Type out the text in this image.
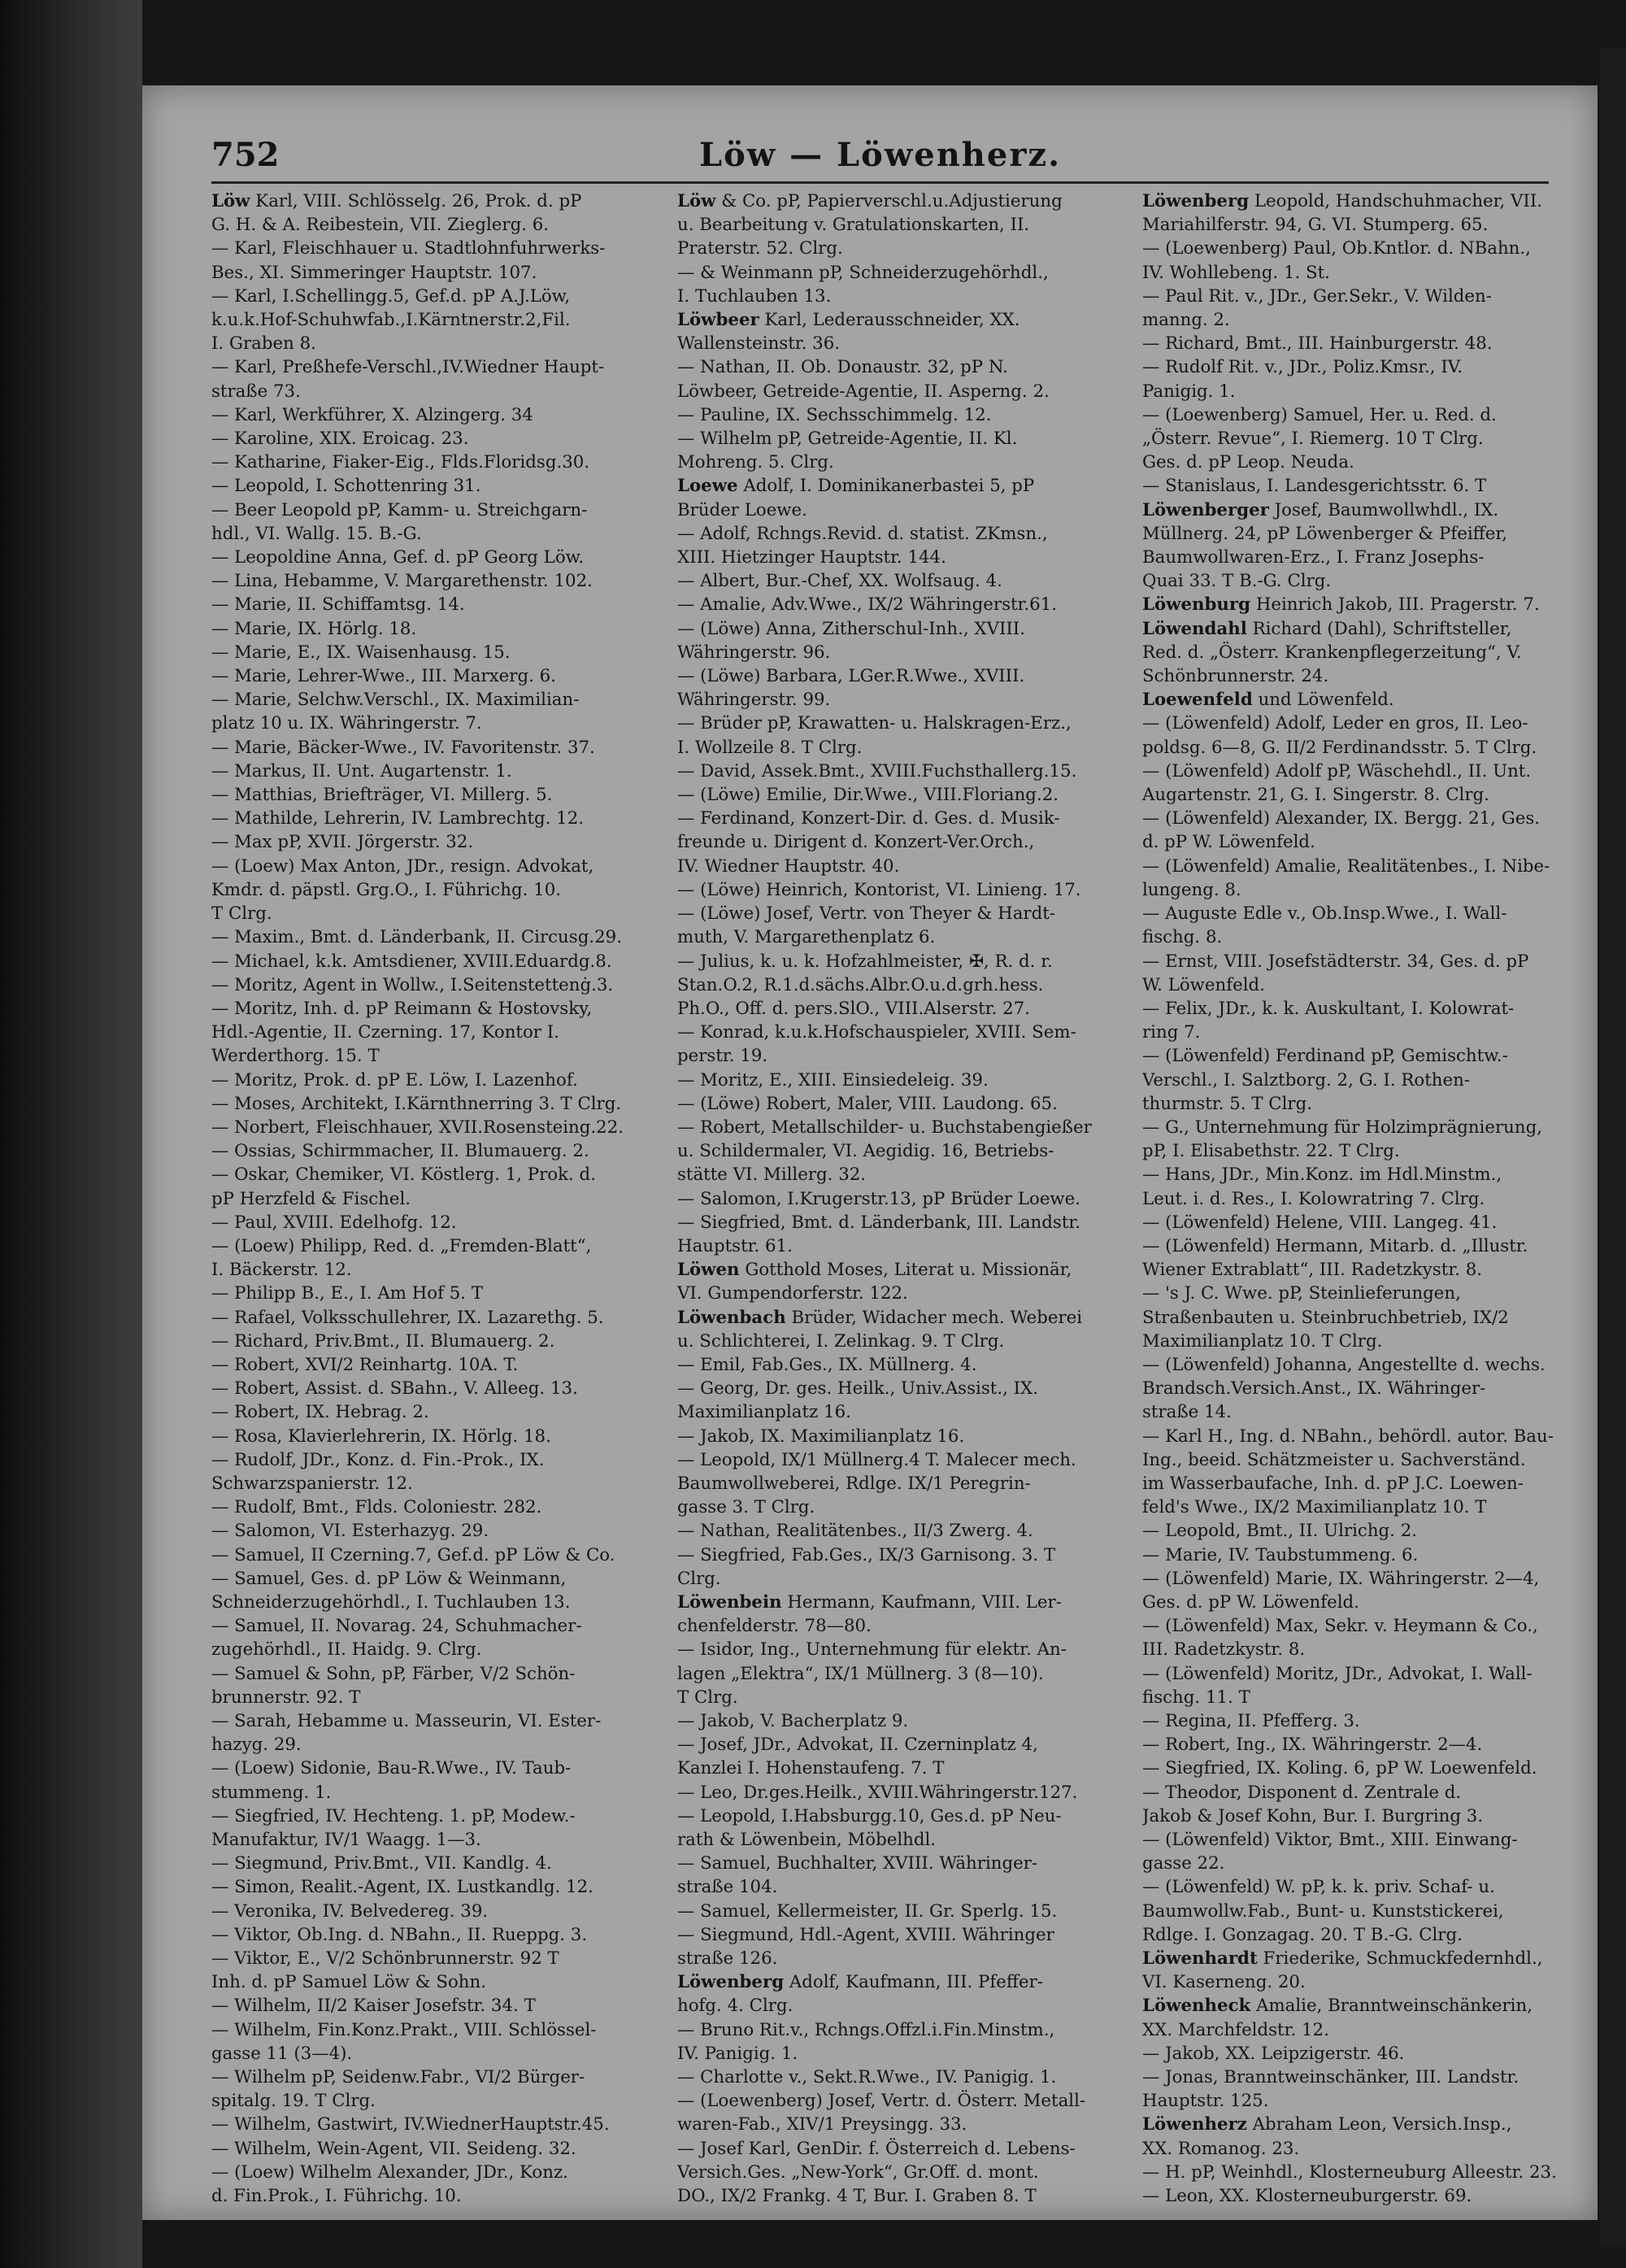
752	Löw — Löwenherz.
Löw Karl, VIII. Schlösselg. 26, Prok. d. pP
G. H. & A. Reibestein, VII. Zieglerg. 6.
— Karl, Fleischhauer u. Stadtlohnfuhrwerks-
Bes., XI. Simmeringer Hauptstr. 107.
— Karl, I.Schellingg.5, Gef.d. pP A.J.Löw,
k.u.k.Hof-Schuhwfab.,I.Kärntnerstr.2,Fil.
I. Graben 8.
— Karl, Preßhefe-Verschl.,IV.Wiedner Haupt-
straße 73.
— Karl, Werkführer, X. Alzingerg. 34
— Karoline, XIX. Eroicag. 23.
— Katharine, Fiaker-Eig., Flds.Floridsg.30.
— Leopold, I. Schottenring 31.
— Beer Leopold pP, Kamm- u. Streichgarn-
hdl., VI. Wallg. 15. B.-G.
— Leopoldine Anna, Gef. d. pP Georg Löw.
— Lina, Hebamme, V. Margarethenstr. 102.
— Marie, II. Schiffamtsg. 14.
— Marie, IX. Hörlg. 18.
— Marie, E., IX. Waisenhausg. 15.
— Marie, Lehrer-Wwe., III. Marxerg. 6.
— Marie, Selchw.Verschl., IX. Maximilian-
platz 10 u. IX. Währingerstr. 7.
— Marie, Bäcker-Wwe., IV. Favoritenstr. 37.
— Markus, II. Unt. Augartenstr. 1.
— Matthias, Briefträger, VI. Millerg. 5.
— Mathilde, Lehrerin, IV. Lambrechtg. 12.
— Max pP, XVII. Jörgerstr. 32.
— (Loew) Max Anton, JDr., resign. Advokat,
Kmdr. d. päpstl. Grg.O., I. Führichg. 10.
T Clrg.
— Maxim., Bmt. d. Länderbank, II. Circusg.29.
— Michael, k.k. Amtsdiener, XVIII.Eduardg.8.
— Moritz, Agent in Wollw., I.Seitenstettenġ.3.
— Moritz, Inh. d. pP Reimann & Hostovsky,
Hdl.-Agentie, II. Czerning. 17, Kontor I.
Werderthorg. 15. T
— Moritz, Prok. d. pP E. Löw, I. Lazenhof.
— Moses, Architekt, I.Kärnthnerring 3. T Clrg.
— Norbert, Fleischhauer, XVII.Rosensteing.22.
— Ossias, Schirmmacher, II. Blumauerg. 2.
— Oskar, Chemiker, VI. Köstlerg. 1, Prok. d.
pP Herzfeld & Fischel.
— Paul, XVIII. Edelhofg. 12.
— (Loew) Philipp, Red. d. „Fremden-Blatt“,
I. Bäckerstr. 12.
— Philipp B., E., I. Am Hof 5. T
— Rafael, Volksschullehrer, IX. Lazarethg. 5.
— Richard, Priv.Bmt., II. Blumauerg. 2.
— Robert, XVI/2 Reinhartg. 10A. T.
— Robert, Assist. d. SBahn., V. Alleeg. 13.
— Robert, IX. Hebrag. 2.
— Rosa, Klavierlehrerin, IX. Hörlg. 18.
— Rudolf, JDr., Konz. d. Fin.-Prok., IX.
Schwarzspanierstr. 12.
— Rudolf, Bmt., Flds. Coloniestr. 282.
— Salomon, VI. Esterhazyg. 29.
— Samuel, II Czerning.7, Gef.d. pP Löw & Co.
— Samuel, Ges. d. pP Löw & Weinmann,
Schneiderzugehörhdl., I. Tuchlauben 13.
— Samuel, II. Novarag. 24, Schuhmacher-
zugehörhdl., II. Haidg. 9. Clrg.
— Samuel & Sohn, pP, Färber, V/2 Schön-
brunnerstr. 92. T
— Sarah, Hebamme u. Masseurin, VI. Ester-
hazyg. 29.
— (Loew) Sidonie, Bau-R.Wwe., IV. Taub-
stummeng. 1.
— Siegfried, IV. Hechteng. 1. pP, Modew.-
Manufaktur, IV/1 Waagg. 1—3.
— Siegmund, Priv.Bmt., VII. Kandlg. 4.
— Simon, Realit.-Agent, IX. Lustkandlg. 12.
— Veronika, IV. Belvedereg. 39.
— Viktor, Ob.Ing. d. NBahn., II. Rueppg. 3.
— Viktor, E., V/2 Schönbrunnerstr. 92 T
Inh. d. pP Samuel Löw & Sohn.
— Wilhelm, II/2 Kaiser Josefstr. 34. T
— Wilhelm, Fin.Konz.Prakt., VIII. Schlössel-
gasse 11 (3—4).
— Wilhelm pP, Seidenw.Fabr., VI/2 Bürger-
spitalg. 19. T Clrg.
— Wilhelm, Gastwirt, IV.WiednerHauptstr.45.
— Wilhelm, Wein-Agent, VII. Seideng. 32.
— (Loew) Wilhelm Alexander, JDr., Konz.
d. Fin.Prok., I. Führichg. 10.
Löw & Co. pP, Papierverschl.u.Adjustierung
u. Bearbeitung v. Gratulationskarten, II.
Praterstr. 52. Clrg.
— & Weinmann pP, Schneiderzugehörhdl.,
I. Tuchlauben 13.
Löwbeer Karl, Lederausschneider, XX.
Wallensteinstr. 36.
— Nathan, II. Ob. Donaustr. 32, pP N.
Löwbeer, Getreide-Agentie, II. Asperng. 2.
— Pauline, IX. Sechsschimmelg. 12.
— Wilhelm pP, Getreide-Agentie, II. Kl.
Mohreng. 5. Clrg.
Loewe Adolf, I. Dominikanerbastei 5, pP
Brüder Loewe.
— Adolf, Rchngs.Revid. d. statist. ZKmsn.,
XIII. Hietzinger Hauptstr. 144.
— Albert, Bur.-Chef, XX. Wolfsaug. 4.
— Amalie, Adv.Wwe., IX/2 Währingerstr.61.
— (Löwe) Anna, Zitherschul-Inh., XVIII.
Währingerstr. 96.
— (Löwe) Barbara, LGer.R.Wwe., XVIII.
Währingerstr. 99.
— Brüder pP, Krawatten- u. Halskragen-Erz.,
I. Wollzeile 8. T Clrg.
— David, Assek.Bmt., XVIII.Fuchsthallerg.15.
— (Löwe) Emilie, Dir.Wwe., VIII.Floriang.2.
— Ferdinand, Konzert-Dir. d. Ges. d. Musik-
freunde u. Dirigent d. Konzert-Ver.Orch.,
IV. Wiedner Hauptstr. 40.
— (Löwe) Heinrich, Kontorist, VI. Linieng. 17.
— (Löwe) Josef, Vertr. von Theyer & Hardt-
muth, V. Margarethenplatz 6.
— Julius, k. u. k. Hofzahlmeister, ✠, R. d. r.
Stan.O.2, R.1.d.sächs.Albr.O.u.d.grh.hess.
Ph.O., Off. d. pers.SlO., VIII.Alserstr. 27.
— Konrad, k.u.k.Hofschauspieler, XVIII. Sem-
perstr. 19.
— Moritz, E., XIII. Einsiedeleig. 39.
— (Löwe) Robert, Maler, VIII. Laudong. 65.
— Robert, Metallschilder- u. Buchstabengießer
u. Schildermaler, VI. Aegidig. 16, Betriebs-
stätte VI. Millerg. 32.
— Salomon, I.Krugerstr.13, pP Brüder Loewe.
— Siegfried, Bmt. d. Länderbank, III. Landstr.
Hauptstr. 61.
Löwen Gotthold Moses, Literat u. Missionär,
VI. Gumpendorferstr. 122.
Löwenbach Brüder, Widacher mech. Weberei
u. Schlichterei, I. Zelinkag. 9. T Clrg.
— Emil, Fab.Ges., IX. Müllnerg. 4.
— Georg, Dr. ges. Heilk., Univ.Assist., IX.
Maximilianplatz 16.
— Jakob, IX. Maximilianplatz 16.
— Leopold, IX/1 Müllnerg.4 T. Malecer mech.
Baumwollweberei, Rdlge. IX/1 Peregrin-
gasse 3. T Clrg.
— Nathan, Realitätenbes., II/3 Zwerg. 4.
— Siegfried, Fab.Ges., IX/3 Garnisong. 3. T
Clrg.
Löwenbein Hermann, Kaufmann, VIII. Ler-
chenfelderstr. 78—80.
— Isidor, Ing., Unternehmung für elektr. An-
lagen „Elektra“, IX/1 Müllnerg. 3 (8—10).
T Clrg.
— Jakob, V. Bacherplatz 9.
— Josef, JDr., Advokat, II. Czerninplatz 4,
Kanzlei I. Hohenstaufeng. 7. T
— Leo, Dr.ges.Heilk., XVIII.Währingerstr.127.
— Leopold, I.Habsburgg.10, Ges.d. pP Neu-
rath & Löwenbein, Möbelhdl.
— Samuel, Buchhalter, XVIII. Währinger-
straße 104.
— Samuel, Kellermeister, II. Gr. Sperlg. 15.
— Siegmund, Hdl.-Agent, XVIII. Währinger
straße 126.
Löwenberg Adolf, Kaufmann, III. Pfeffer-
hofg. 4. Clrg.
— Bruno Rit.v., Rchngs.Offzl.i.Fin.Minstm.,
IV. Panigig. 1.
— Charlotte v., Sekt.R.Wwe., IV. Panigig. 1.
— (Loewenberg) Josef, Vertr. d. Österr. Metall-
waren-Fab., XIV/1 Preysingg. 33.
— Josef Karl, GenDir. f. Österreich d. Lebens-
Versich.Ges. „New-York“, Gr.Off. d. mont.
DO., IX/2 Frankg. 4 T, Bur. I. Graben 8. T
Löwenberg Leopold, Handschuhmacher, VII.
Mariahilferstr. 94, G. VI. Stumperg. 65.
— (Loewenberg) Paul, Ob.Kntlor. d. NBahn.,
IV. Wohllebeng. 1. St.
— Paul Rit. v., JDr., Ger.Sekr., V. Wilden-
manng. 2.
— Richard, Bmt., III. Hainburgerstr. 48.
— Rudolf Rit. v., JDr., Poliz.Kmsr., IV.
Panigig. 1.
— (Loewenberg) Samuel, Her. u. Red. d.
„Österr. Revue“, I. Riemerg. 10 T Clrg.
Ges. d. pP Leop. Neuda.
— Stanislaus, I. Landesgerichtsstr. 6. T
Löwenberger Josef, Baumwollwhdl., IX.
Müllnerg. 24, pP Löwenberger & Pfeiffer,
Baumwollwaren-Erz., I. Franz Josephs-
Quai 33. T B.-G. Clrg.
Löwenburg Heinrich Jakob, III. Pragerstr. 7.
Löwendahl Richard (Dahl), Schriftsteller,
Red. d. „Österr. Krankenpflegerzeitung“, V.
Schönbrunnerstr. 24.
Loewenfeld und Löwenfeld.
— (Löwenfeld) Adolf, Leder en gros, II. Leo-
poldsg. 6—8, G. II/2 Ferdinandsstr. 5. T Clrg.
— (Löwenfeld) Adolf pP, Wäschehdl., II. Unt.
Augartenstr. 21, G. I. Singerstr. 8. Clrg.
— (Löwenfeld) Alexander, IX. Bergg. 21, Ges.
d. pP W. Löwenfeld.
— (Löwenfeld) Amalie, Realitätenbes., I. Nibe-
lungeng. 8.
— Auguste Edle v., Ob.Insp.Wwe., I. Wall-
fischg. 8.
— Ernst, VIII. Josefstädterstr. 34, Ges. d. pP
W. Löwenfeld.
— Felix, JDr., k. k. Auskultant, I. Kolowrat-
ring 7.
— (Löwenfeld) Ferdinand pP, Gemischtw.-
Verschl., I. Salztborg. 2, G. I. Rothen-
thurmstr. 5. T Clrg.
— G., Unternehmung für Holzimprägnierung,
pP, I. Elisabethstr. 22. T Clrg.
— Hans, JDr., Min.Konz. im Hdl.Minstm.,
Leut. i. d. Res., I. Kolowratring 7. Clrg.
— (Löwenfeld) Helene, VIII. Langeg. 41.
— (Löwenfeld) Hermann, Mitarb. d. „Illustr.
Wiener Extrablatt“, III. Radetzkystr. 8.
— 's J. C. Wwe. pP, Steinlieferungen,
Straßenbauten u. Steinbruchbetrieb, IX/2
Maximilianplatz 10. T Clrg.
— (Löwenfeld) Johanna, Angestellte d. wechs.
Brandsch.Versich.Anst., IX. Währinger-
straße 14.
— Karl H., Ing. d. NBahn., behördl. autor. Bau-
Ing., beeid. Schätzmeister u. Sachverständ.
im Wasserbaufache, Inh. d. pP J.C. Loewen-
feld's Wwe., IX/2 Maximilianplatz 10. T
— Leopold, Bmt., II. Ulrichg. 2.
— Marie, IV. Taubstummeng. 6.
— (Löwenfeld) Marie, IX. Währingerstr. 2—4,
Ges. d. pP W. Löwenfeld.
— (Löwenfeld) Max, Sekr. v. Heymann & Co.,
III. Radetzkystr. 8.
— (Löwenfeld) Moritz, JDr., Advokat, I. Wall-
fischg. 11. T
— Regina, II. Pfefferg. 3.
— Robert, Ing., IX. Währingerstr. 2—4.
— Siegfried, IX. Koling. 6, pP W. Loewenfeld.
— Theodor, Disponent d. Zentrale d.
Jakob & Josef Kohn, Bur. I. Burgring 3.
— (Löwenfeld) Viktor, Bmt., XIII. Einwang-
gasse 22.
— (Löwenfeld) W. pP, k. k. priv. Schaf- u.
Baumwollw.Fab., Bunt- u. Kunststickerei,
Rdlge. I. Gonzagag. 20. T B.-G. Clrg.
Löwenhardt Friederike, Schmuckfedernhdl.,
VI. Kaserneng. 20.
Löwenheck Amalie, Branntweinschänkerin,
XX. Marchfeldstr. 12.
— Jakob, XX. Leipzigerstr. 46.
— Jonas, Branntweinschänker, III. Landstr.
Hauptstr. 125.
Löwenherz Abraham Leon, Versich.Insp.,
XX. Romanog. 23.
— H. pP, Weinhdl., Klosterneuburg Alleestr. 23.
— Leon, XX. Klosterneuburgerstr. 69.
